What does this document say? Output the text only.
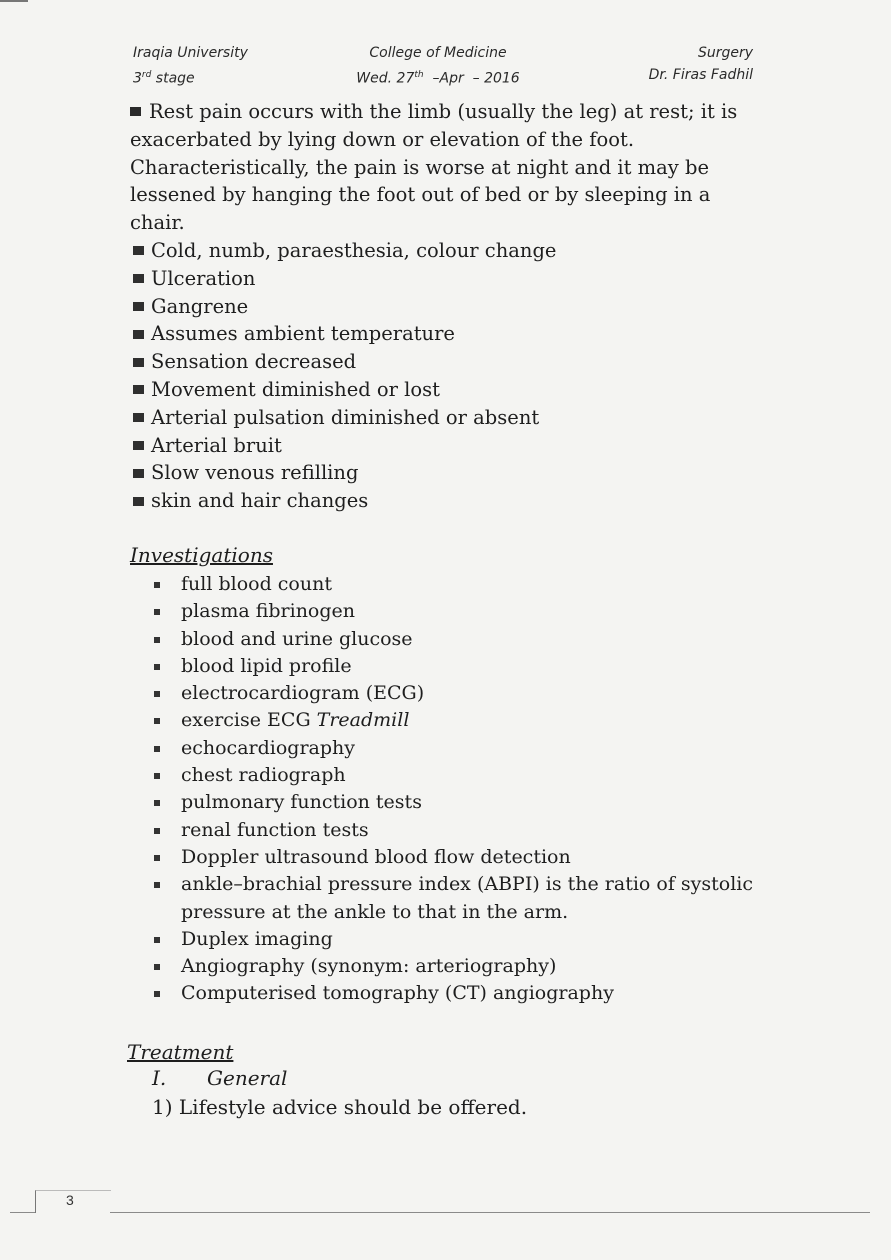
Iraqia University
3rd stage
College of Medicine
Wed. 27th  –Apr  – 2016
Surgery
Dr. Firas Fadhil
Rest pain occurs with the limb (usually the leg) at rest; it is exacerbated by lying down or elevation of the foot. Characteristically, the pain is worse at night and it may be lessened by hanging the foot out of bed or by sleeping in a chair.
Cold, numb, paraesthesia, colour change
Ulceration
Gangrene
Assumes ambient temperature
Sensation decreased
Movement diminished or lost
Arterial pulsation diminished or absent
Arterial bruit
Slow venous refilling
skin and hair changes
Investigations
full blood count
plasma fibrinogen
blood and urine glucose
blood lipid profile
electrocardiogram (ECG)
exercise ECG Treadmill
echocardiography
chest radiograph
pulmonary function tests
renal function tests
Doppler ultrasound blood flow detection
ankle–brachial pressure index (ABPI) is the ratio of systolic pressure at the ankle to that in the arm.
Duplex imaging
Angiography (synonym: arteriography)
Computerised tomography (CT) angiography
Treatment
I. General
1) Lifestyle advice should be offered.
3
